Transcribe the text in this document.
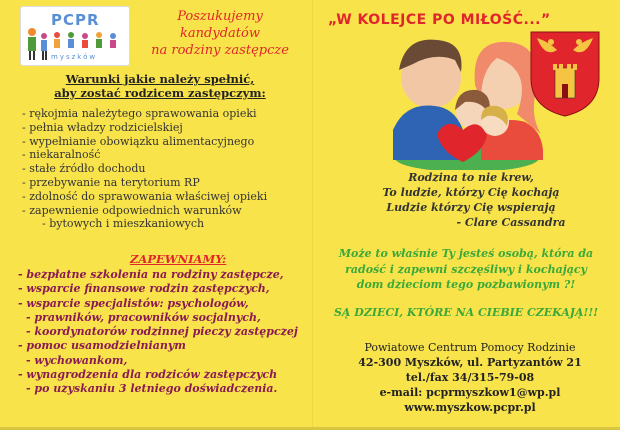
PCPR
myszków
Poszukujemy
kandydatów
na rodziny zastępcze
Warunki jakie należy spełnić,
aby zostać rodzicem zastępczym:
- rękojmia należytego sprawowania opieki
- pełnia władzy rodzicielskiej
- wypełnianie obowiązku alimentacyjnego
- niekaralność
- stałe źródło dochodu
- przebywanie na terytorium RP
- zdolność do sprawowania właściwej opieki
- zapewnienie odpowiednich warunków
- bytowych i mieszkaniowych
ZAPEWNIAMY:
- bezpłatne szkolenia na rodziny zastępcze,
- wsparcie finansowe rodzin zastępczych,
- wsparcie specjalistów: psychologów,
- prawników, pracowników socjalnych,
- koordynatorów rodzinnej pieczy zastępczej
- pomoc usamodzielnianym
- wychowankom,
- wynagrodzenia dla rodziców zastępczych
- po uzyskaniu 3 letniego doświadczenia.
„W KOLEJCE PO MIŁOŚĆ...”
Rodzina to nie krew,
To ludzie, którzy Cię kochają
Ludzie którzy Cię wspierają
- Clare Cassandra
Może to właśnie Ty jesteś osobą, która da
radość i zapewni szczęśliwy i kochający
dom dzieciom tego pozbawionym ?!
SĄ DZIECI, KTÓRE NA CIEBIE CZEKAJĄ!!!
Powiatowe Centrum Pomocy Rodzinie
42-300 Myszków, ul. Partyzantów 21
tel./fax 34/315-79-08
e-mail: pcprmyszkow1@wp.pl
www.myszkow.pcpr.pl
